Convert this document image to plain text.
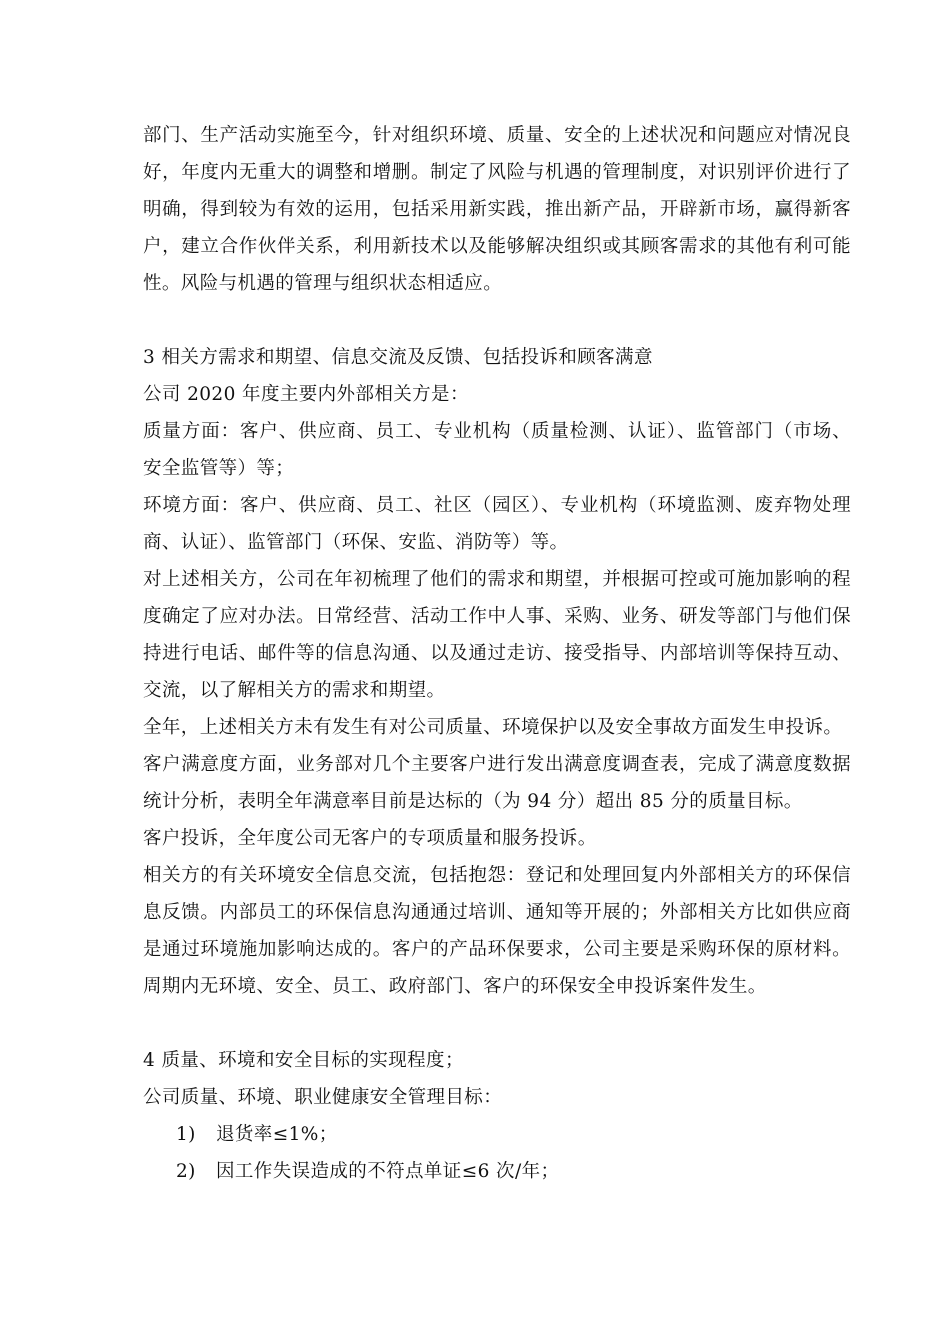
部门、生产活动实施至今，针对组织环境、质量、安全的上述状况和问题应对情况良好，年度内无重大的调整和增删。制定了风险与机遇的管理制度，对识别评价进行了明确，得到较为有效的运用，包括采用新实践，推出新产品，开辟新市场，赢得新客户，建立合作伙伴关系，利用新技术以及能够解决组织或其顾客需求的其他有利可能性。风险与机遇的管理与组织状态相适应。

3 相关方需求和期望、信息交流及反馈、包括投诉和顾客满意

公司 2020 年度主要内外部相关方是：

质量方面：客户、供应商、员工、专业机构（质量检测、认证）、监管部门（市场、安全监管等）等；

环境方面：客户、供应商、员工、社区（园区）、专业机构（环境监测、废弃物处理商、认证）、监管部门（环保、安监、消防等）等。

对上述相关方，公司在年初梳理了他们的需求和期望，并根据可控或可施加影响的程度确定了应对办法。日常经营、活动工作中人事、采购、业务、研发等部门与他们保持进行电话、邮件等的信息沟通、以及通过走访、接受指导、内部培训等保持互动、交流，以了解相关方的需求和期望。

全年，上述相关方未有发生有对公司质量、环境保护以及安全事故方面发生申投诉。

客户满意度方面，业务部对几个主要客户进行发出满意度调查表，完成了满意度数据统计分析，表明全年满意率目前是达标的（为 94 分）超出 85 分的质量目标。

客户投诉，全年度公司无客户的专项质量和服务投诉。

相关方的有关环境安全信息交流，包括抱怨：登记和处理回复内外部相关方的环保信息反馈。内部员工的环保信息沟通通过培训、通知等开展的；外部相关方比如供应商是通过环境施加影响达成的。客户的产品环保要求，公司主要是采购环保的原材料。周期内无环境、安全、员工、政府部门、客户的环保安全申投诉案件发生。

4 质量、环境和安全目标的实现程度；

公司质量、环境、职业健康安全管理目标：

1)	退货率≤1%；
2)	因工作失误造成的不符点单证≤6 次/年；
